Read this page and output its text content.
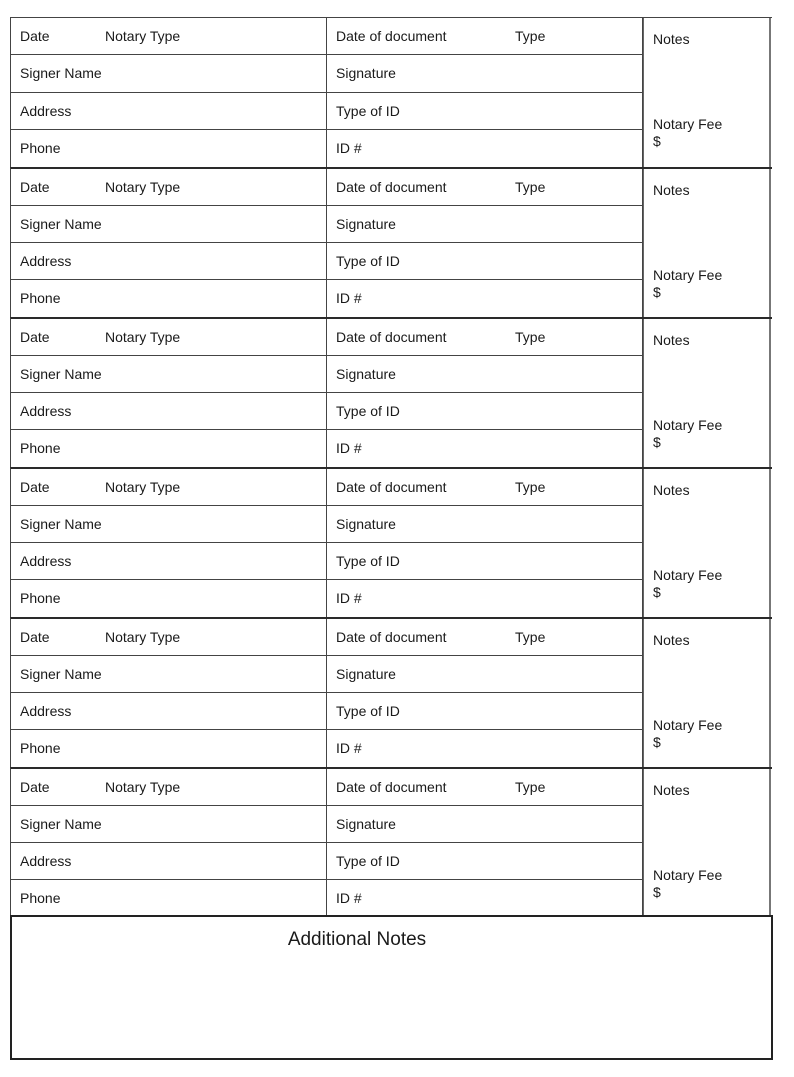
Date	Notary Type	Date of document	Type
Signer Name	Signature
Address	Type of ID
Phone	ID #
Notes
Notary Fee
$
Date	Notary Type	Date of document	Type
Signer Name	Signature
Address	Type of ID
Phone	ID #
Notes
Notary Fee
$
Date	Notary Type	Date of document	Type
Signer Name	Signature
Address	Type of ID
Phone	ID #
Notes
Notary Fee
$
Date	Notary Type	Date of document	Type
Signer Name	Signature
Address	Type of ID
Phone	ID #
Notes
Notary Fee
$
Date	Notary Type	Date of document	Type
Signer Name	Signature
Address	Type of ID
Phone	ID #
Notes
Notary Fee
$
Date	Notary Type	Date of document	Type
Signer Name	Signature
Address	Type of ID
Phone	ID #
Notes
Notary Fee
$
Additional Notes
